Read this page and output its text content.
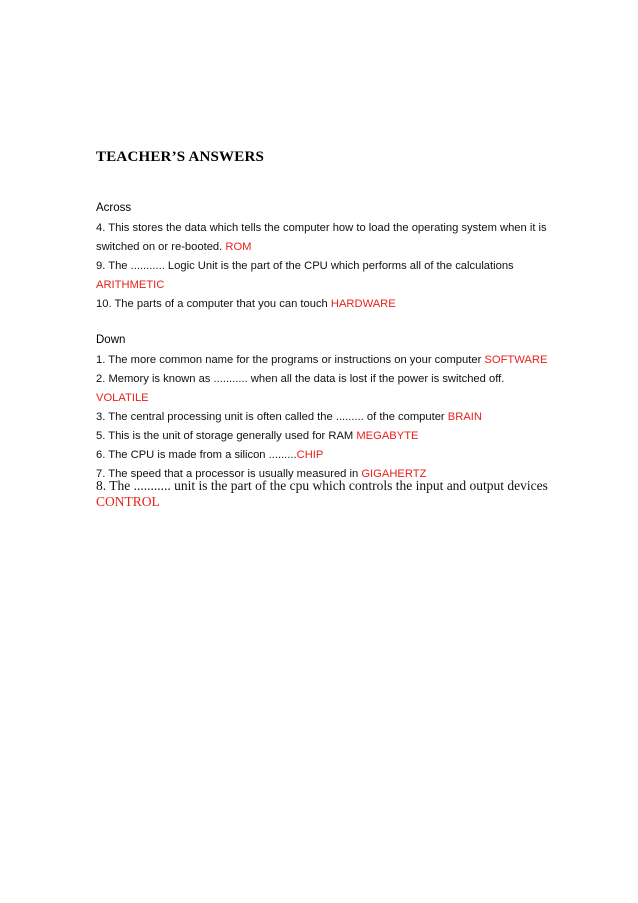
TEACHER’S ANSWERS
Across
4. This stores the data which tells the computer how to load the operating system when it is
switched on or re-booted. ROM
9. The ........... Logic Unit is the part of the CPU which performs all of the calculations
ARITHMETIC
10. The parts of a computer that you can touch HARDWARE
Down
1. The more common name for the programs or instructions on your computer SOFTWARE
2. Memory is known as ........... when all the data is lost if the power is switched off.
VOLATILE
3. The central processing unit is often called the ......... of the computer BRAIN
5. This is the unit of storage generally used for RAM MEGABYTE
6. The CPU is made from a silicon .........CHIP
7. The speed that a processor is usually measured in GIGAHERTZ
8. The ........... unit is the part of the cpu which controls the input and output devices
CONTROL
